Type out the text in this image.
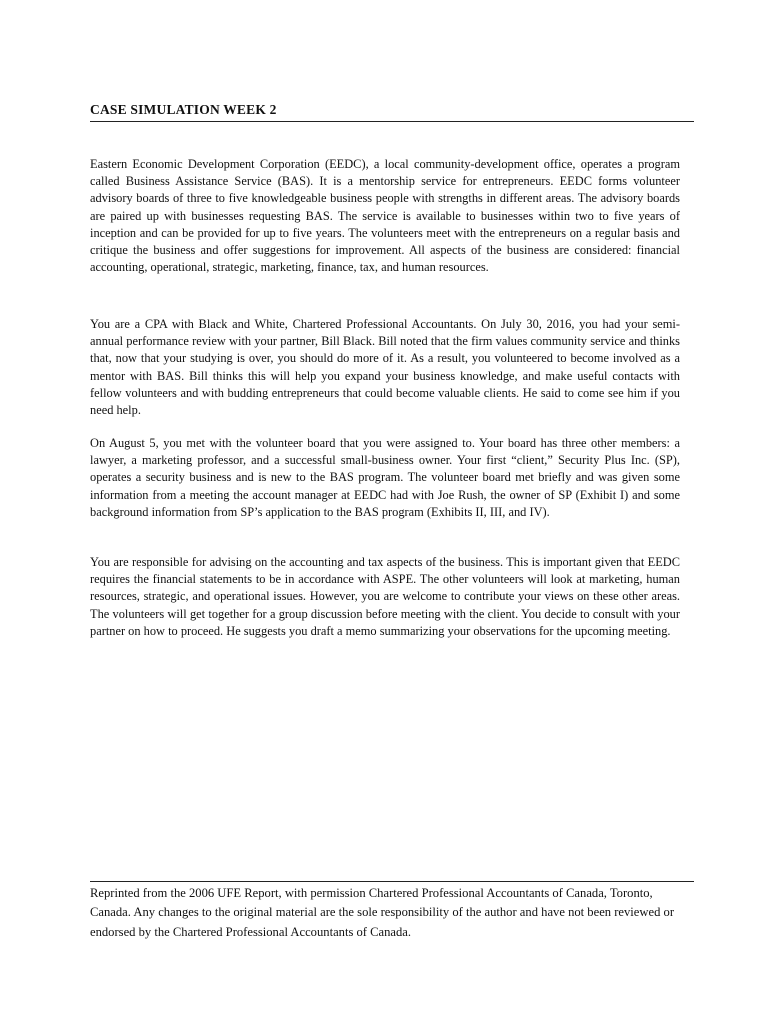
CASE SIMULATION WEEK 2

Eastern Economic Development Corporation (EEDC), a local community-development office, operates a program called Business Assistance Service (BAS). It is a mentorship service for entrepreneurs. EEDC forms volunteer advisory boards of three to five knowledgeable business people with strengths in different areas. The advisory boards are paired up with businesses requesting BAS. The service is available to businesses within two to five years of inception and can be provided for up to five years. The volunteers meet with the entrepreneurs on a regular basis and critique the business and offer suggestions for improvement. All aspects of the business are considered: financial accounting, operational, strategic, marketing, finance, tax, and human resources.

You are a CPA with Black and White, Chartered Professional Accountants. On July 30, 2016, you had your semi-annual performance review with your partner, Bill Black. Bill noted that the firm values community service and thinks that, now that your studying is over, you should do more of it. As a result, you volunteered to become involved as a mentor with BAS. Bill thinks this will help you expand your business knowledge, and make useful contacts with fellow volunteers and with budding entrepreneurs that could become valuable clients. He said to come see him if you need help.

On August 5, you met with the volunteer board that you were assigned to. Your board has three other members: a lawyer, a marketing professor, and a successful small-business owner. Your first “client,” Security Plus Inc. (SP), operates a security business and is new to the BAS program. The volunteer board met briefly and was given some information from a meeting the account manager at EEDC had with Joe Rush, the owner of SP (Exhibit I) and some background information from SP’s application to the BAS program (Exhibits II, III, and IV).

You are responsible for advising on the accounting and tax aspects of the business. This is important given that EEDC requires the financial statements to be in accordance with ASPE. The other volunteers will look at marketing, human resources, strategic, and operational issues. However, you are welcome to contribute your views on these other areas. The volunteers will get together for a group discussion before meeting with the client. You decide to consult with your partner on how to proceed. He suggests you draft a memo summarizing your observations for the upcoming meeting.

Reprinted from the 2006 UFE Report, with permission Chartered Professional Accountants of Canada, Toronto, Canada. Any changes to the original material are the sole responsibility of the author and have not been reviewed or endorsed by the Chartered Professional Accountants of Canada.
